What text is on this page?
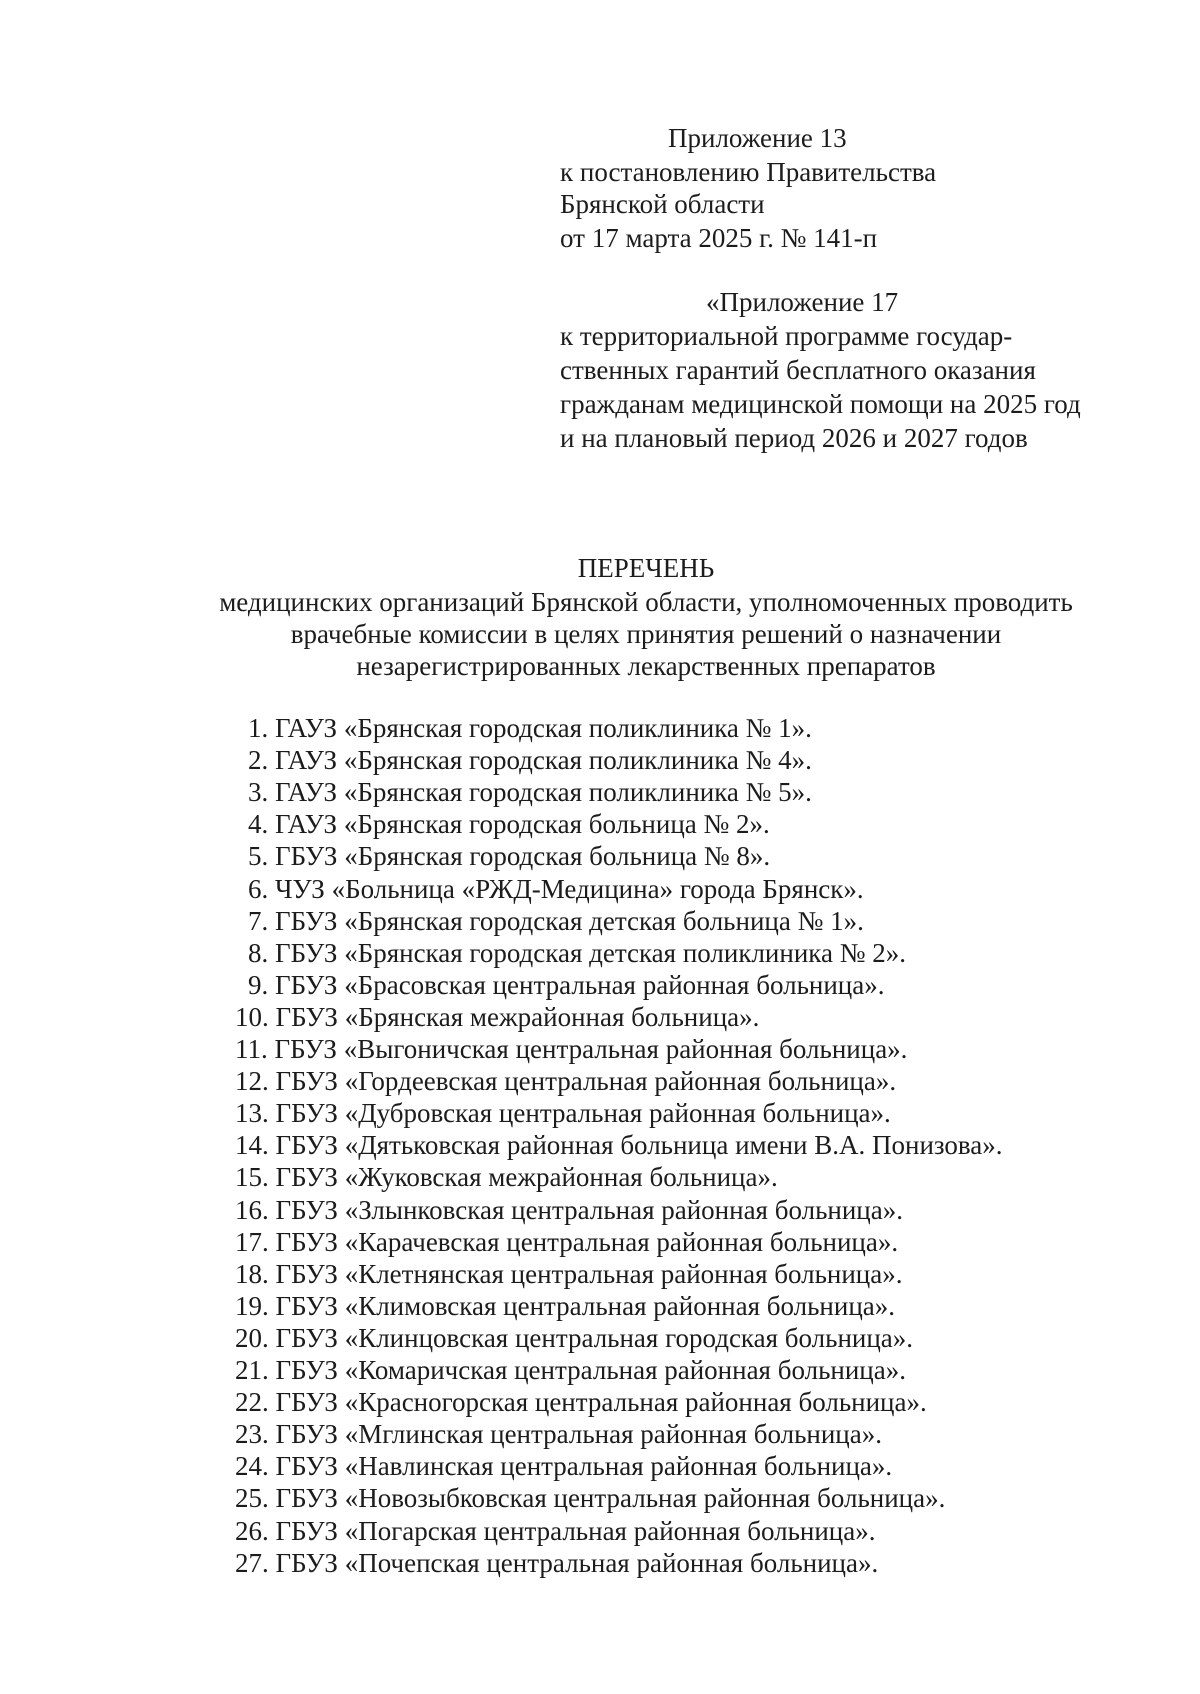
Приложение 13
к постановлению Правительства
Брянской области
от 17 марта 2025 г. № 141-п
«Приложение 17
к территориальной программе государ-
ственных гарантий бесплатного оказания
гражданам медицинской помощи на 2025 год
и на плановый период 2026 и 2027 годов
ПЕРЕЧЕНЬ
медицинских организаций Брянской области, уполномоченных проводить
врачебные комиссии в целях принятия решений о назначении
незарегистрированных лекарственных препаратов
1. ГАУЗ «Брянская городская поликлиника № 1».
2. ГАУЗ «Брянская городская поликлиника № 4».
3. ГАУЗ «Брянская городская поликлиника № 5».
4. ГАУЗ «Брянская городская больница № 2».
5. ГБУЗ «Брянская городская больница № 8».
6. ЧУЗ «Больница «РЖД-Медицина» города Брянск».
7. ГБУЗ «Брянская городская детская больница № 1».
8. ГБУЗ «Брянская городская детская поликлиника № 2».
9. ГБУЗ «Брасовская центральная районная больница».
10. ГБУЗ «Брянская межрайонная больница».
11. ГБУЗ «Выгоничская центральная районная больница».
12. ГБУЗ «Гордеевская центральная районная больница».
13. ГБУЗ «Дубровская центральная районная больница».
14. ГБУЗ «Дятьковская районная больница имени В.А. Понизова».
15. ГБУЗ «Жуковская межрайонная больница».
16. ГБУЗ «Злынковская центральная районная больница».
17. ГБУЗ «Карачевская центральная районная больница».
18. ГБУЗ «Клетнянская центральная районная больница».
19. ГБУЗ «Климовская центральная районная больница».
20. ГБУЗ «Клинцовская центральная городская больница».
21. ГБУЗ «Комаричская центральная районная больница».
22. ГБУЗ «Красногорская центральная районная больница».
23. ГБУЗ «Мглинская центральная районная больница».
24. ГБУЗ «Навлинская центральная районная больница».
25. ГБУЗ «Новозыбковская центральная районная больница».
26. ГБУЗ «Погарская центральная районная больница».
27. ГБУЗ «Почепская центральная районная больница».
